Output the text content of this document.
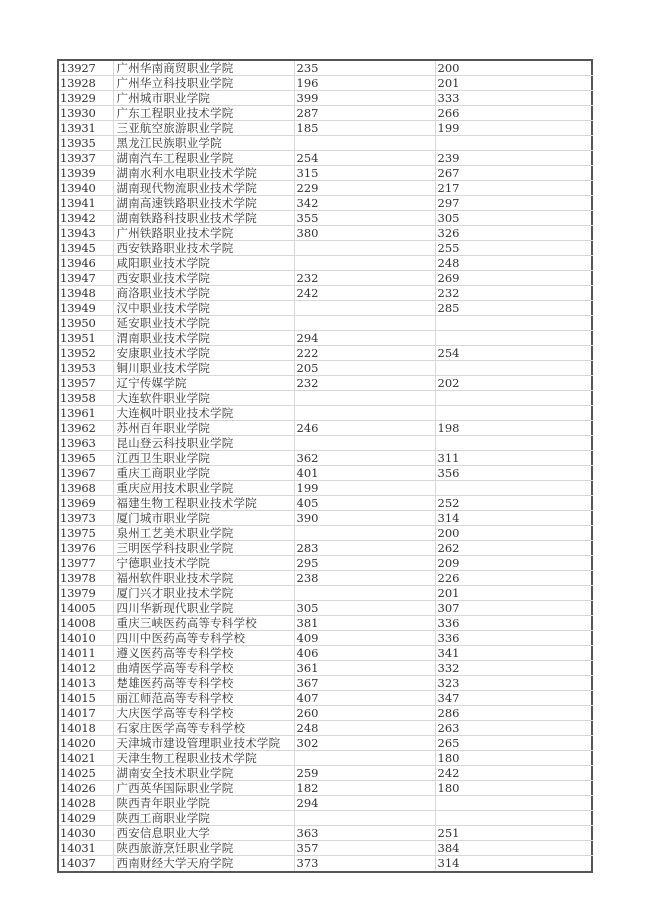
13927	广州华南商贸职业学院	235	200
13928	广州华立科技职业学院	196	201
13929	广州城市职业学院	399	333
13930	广东工程职业技术学院	287	266
13931	三亚航空旅游职业学院	185	199
13935	黑龙江民族职业学院		
13937	湖南汽车工程职业学院	254	239
13939	湖南水利水电职业技术学院	315	267
13940	湖南现代物流职业技术学院	229	217
13941	湖南高速铁路职业技术学院	342	297
13942	湖南铁路科技职业技术学院	355	305
13943	广州铁路职业技术学院	380	326
13945	西安铁路职业技术学院		255
13946	咸阳职业技术学院		248
13947	西安职业技术学院	232	269
13948	商洛职业技术学院	242	232
13949	汉中职业技术学院		285
13950	延安职业技术学院		
13951	渭南职业技术学院	294	
13952	安康职业技术学院	222	254
13953	铜川职业技术学院	205	
13957	辽宁传媒学院	232	202
13958	大连软件职业学院		
13961	大连枫叶职业技术学院		
13962	苏州百年职业学院	246	198
13963	昆山登云科技职业学院		
13965	江西卫生职业学院	362	311
13967	重庆工商职业学院	401	356
13968	重庆应用技术职业学院	199	
13969	福建生物工程职业技术学院	405	252
13973	厦门城市职业学院	390	314
13975	泉州工艺美术职业学院		200
13976	三明医学科技职业学院	283	262
13977	宁德职业技术学院	295	209
13978	福州软件职业技术学院	238	226
13979	厦门兴才职业技术学院		201
14005	四川华新现代职业学院	305	307
14008	重庆三峡医药高等专科学校	381	336
14010	四川中医药高等专科学校	409	336
14011	遵义医药高等专科学校	406	341
14012	曲靖医学高等专科学校	361	332
14013	楚雄医药高等专科学校	367	323
14015	丽江师范高等专科学校	407	347
14017	大庆医学高等专科学校	260	286
14018	石家庄医学高等专科学校	248	263
14020	天津城市建设管理职业技术学院	302	265
14021	天津生物工程职业技术学院		180
14025	湖南安全技术职业学院	259	242
14026	广西英华国际职业学院	182	180
14028	陕西青年职业学院	294	
14029	陕西工商职业学院		
14030	西安信息职业大学	363	251
14031	陕西旅游烹饪职业学院	357	384
14037	西南财经大学天府学院	373	314
